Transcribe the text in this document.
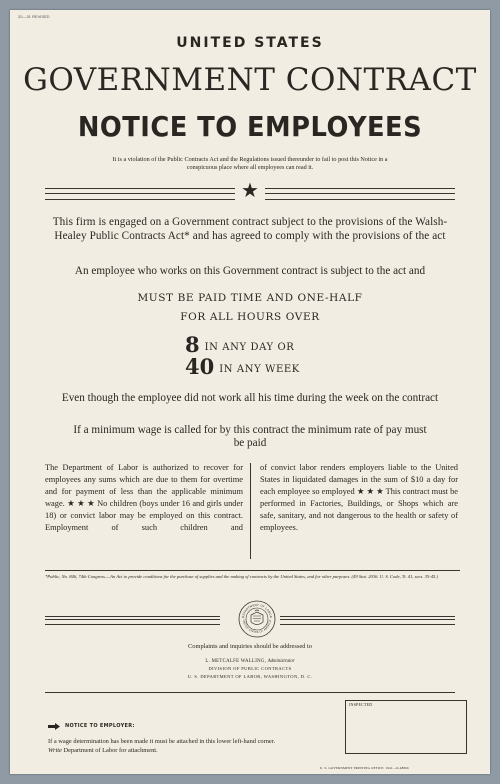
20—31 REVISED
UNITED STATES
GOVERNMENT CONTRACT
NOTICE TO EMPLOYEES
It is a violation of the Public Contracts Act and the Regulations issued thereunder to fail to post this Notice in a conspicuous place where all employees can read it.
★
This firm is engaged on a Government contract subject to the provisions of the Walsh-Healey Public Contracts Act* and has agreed to comply with the provisions of the act
An employee who works on this Government contract is subject to the act and
MUST BE PAID TIME AND ONE-HALF
FOR ALL HOURS OVER
8 IN ANY DAY OR
40 IN ANY WEEK
Even though the employee did not work all his time during the week on the contract
If a minimum wage is called for by this contract the minimum rate of pay must be paid
The Department of Labor is authorized to recover for employees any sums which are due to them for overtime and for payment of less than the applicable minimum wage. ★ ★ ★ No children (boys under 16 and girls under 18) or convict labor may be employed on this contract. Employment of such children and
of convict labor renders employers liable to the United States in liquidated damages in the sum of $10 a day for each employee so employed ★ ★ ★ This contract must be performed in Factories, Buildings, or Shops which are safe, sanitary, and not dangerous to the health or safety of employees.
*Public, No. 846, 74th Congress.—An Act to provide conditions for the purchase of supplies and the making of contracts by the United States, and for other purposes. (49 Stat. 2036. U. S. Code, Ti. 41, secs. 35-45.)
DEPARTMENT OF LABOR
UNITED STATES OF AMERICA
Complaints and inquiries should be addressed to
L. METCALFE WALLING, Administrator
DIVISION OF PUBLIC CONTRACTS
U. S. DEPARTMENT OF LABOR, WASHINGTON, D. C.
NOTICE TO EMPLOYER:
If a wage determination has been made it must be attached in this lower left-hand corner. Write Department of Labor for attachment.
INSPECTED
U. S. GOVERNMENT PRINTING OFFICE: 1941—O-48866
